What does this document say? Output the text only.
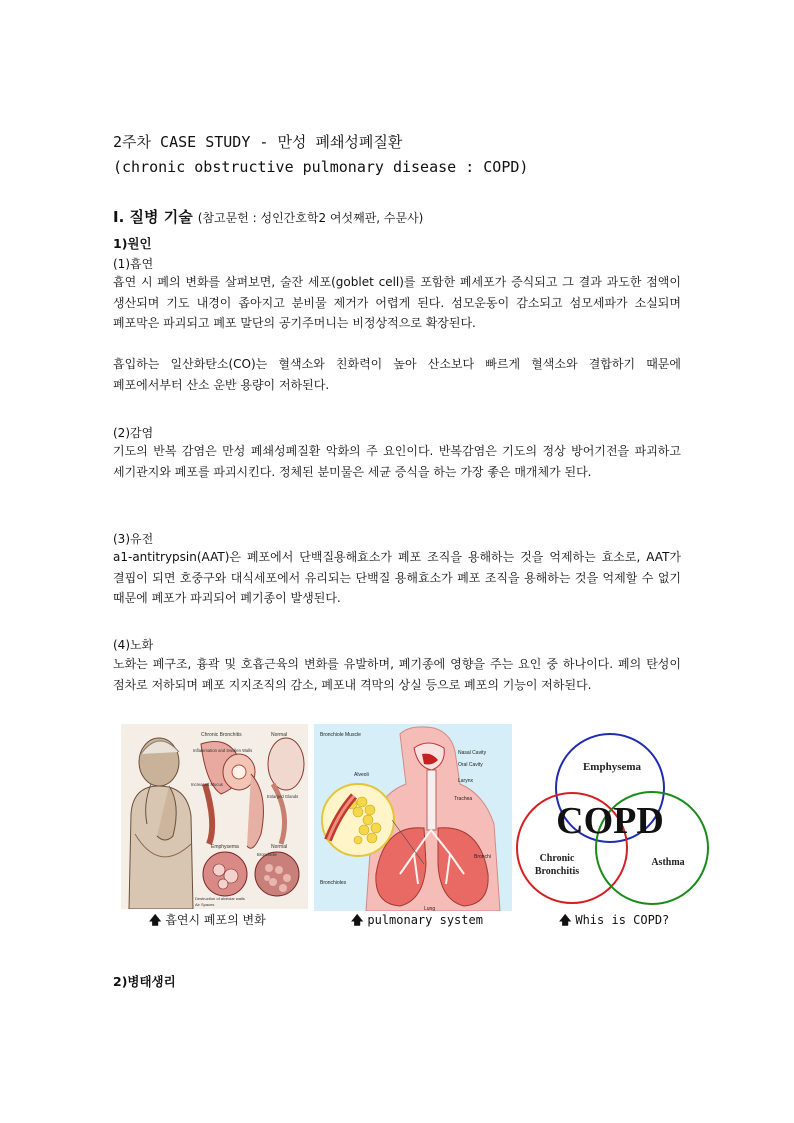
2주차 CASE STUDY - 만성 폐쇄성폐질환
(chronic obstructive pulmonary disease : COPD)
Ⅰ. 질병 기술 (참고문헌 : 성인간호학2 여섯째판, 수문사)
1)원인
(1)흡연
흡연 시 폐의 변화를 살펴보면, 술잔 세포(goblet cell)를 포함한 폐세포가 증식되고 그 결과 과도한 점액이 생산되며 기도 내경이 좁아지고 분비물 제거가 어렵게 된다. 섬모운동이 감소되고 섬모세파가 소실되며 폐포막은 파괴되고 폐포 말단의 공기주머니는 비정상적으로 확장된다.
흡입하는 일산화탄소(CO)는 혈색소와 친화력이 높아 산소보다 빠르게 혈색소와 결합하기 때문에 폐포에서부터 산소 운반 용량이 저하된다.
(2)감염
기도의 반복 감염은 만성 폐쇄성폐질환 악화의 주 요인이다. 반복감염은 기도의 정상 방어기전을 파괴하고 세기관지와 폐포를 파괴시킨다. 정체된 분미물은 세균 증식을 하는 가장 좋은 매개체가 된다.
(3)유전
a1-antitrypsin(AAT)은 폐포에서 단백질용해효소가 폐포 조직을 용해하는 것을 억제하는 효소로, AAT가 결핍이 되면 호중구와 대식세포에서 유리되는 단백질 용해효소가 폐포 조직을 용해하는 것을 억제할 수 없기 때문에 폐포가 파괴되어 폐기종이 발생된다.
(4)노화
노화는 폐구조, 흉곽 및 호흡근육의 변화를 유발하며, 폐기종에 영향을 주는 요인 중 하나이다. 폐의 탄성이 점차로 저하되며 폐포 지지조직의 감소, 폐포내 격막의 상실 등으로 폐포의 기능이 저하된다.
Chronic Bronchitis	Normal
Inflammation and Swollen Walls
Increased Mucus
Enlarged Glands
Emphysema	Normal
Bronchiole
Destruction of alveolar walls
Air Spaces
Bronchiole Muscle
Alveoli
Nasal Cavity
Oral Cavity
Larynx
Trachea
Bronchi
Bronchioles
Lung
Emphysema
COPD
Chronic
Bronchitis
Asthma
🡅 흡연시 폐포의 변화	🡅 pulmonary system	🡅 Whis is COPD?
2)병태생리
